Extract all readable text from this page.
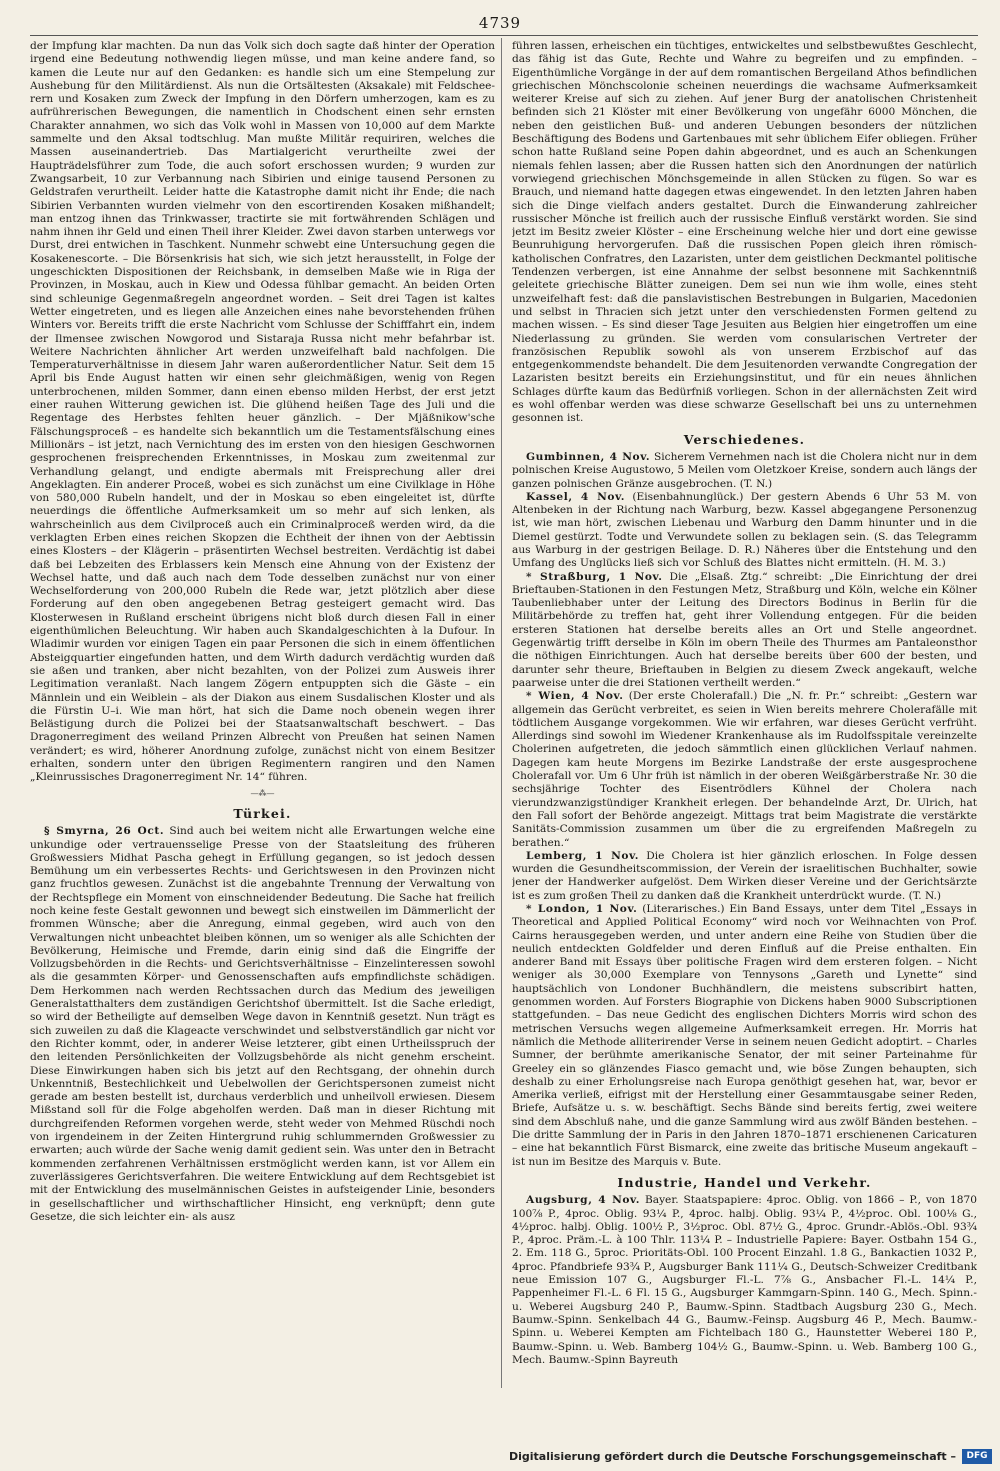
4739

der Impfung klar machten. Da nun das Volk sich doch sagte daß hinter der Operation irgend eine Bedeutung nothwendig liegen müsse, und man keine andere fand, so kamen die Leute nur auf den Gedanken: es handle sich um eine Stempelung zur Aushebung für den Militärdienst. Als nun die Ortsältesten (Aksakale) mit Feldscheerern und Kosaken zum Zweck der Impfung in den Dörfern umherzogen, kam es zu aufrührerischen Bewegungen, die namentlich in Chodschent einen sehr ernsten Charakter annahmen, wo sich das Volk wohl in Massen von 10,000 auf dem Markte sammelte und den Aksal todtschlug. Man mußte Militär requiriren, welches die Massen auseinandertrieb. Das Martialgericht verurtheilte zwei der Haupträdelsführer zum Tode, die auch sofort erschossen wurden; 9 wurden zur Zwangsarbeit, 10 zur Verbannung nach Sibirien und einige tausend Personen zu Geldstrafen verurtheilt. Leider hatte die Katastrophe damit nicht ihr Ende; die nach Sibirien Verbannten wurden vielmehr von den escortirenden Kosaken mißhandelt; man entzog ihnen das Trinkwasser, tractirte sie mit fortwährenden Schlägen und nahm ihnen ihr Geld und einen Theil ihrer Kleider. Zwei davon starben unterwegs vor Durst, drei entwichen in Taschkent. Nunmehr schwebt eine Untersuchung gegen die Kosakenescorte. – Die Börsenkrisis hat sich, wie sich jetzt herausstellt, in Folge der ungeschickten Dispositionen der Reichsbank, in demselben Maße wie in Riga der Provinzen, in Moskau, auch in Kiew und Odessa fühlbar gemacht. An beiden Orten sind schleunige Gegenmaßregeln angeordnet worden. – Seit drei Tagen ist kaltes Wetter eingetreten, und es liegen alle Anzeichen eines nahe bevorstehenden frühen Winters vor. Bereits trifft die erste Nachricht vom Schlusse der Schifffahrt ein, indem der Ilmensee zwischen Nowgorod und Sistaraja Russa nicht mehr befahrbar ist. Weitere Nachrichten ähnlicher Art werden unzweifelhaft bald nachfolgen. Die Temperaturverhältnisse in diesem Jahr waren außerordentlicher Natur. Seit dem 15 April bis Ende August hatten wir einen sehr gleichmäßigen, wenig von Regen unterbrochenen, milden Sommer, dann einen ebenso milden Herbst, der erst jetzt einer rauhen Witterung gewichen ist. Die glühend heißen Tage des Juli und die Regentage des Herbstes fehlten heuer gänzlich. – Der Mjäßnikow'sche Fälschungsproceß – es handelte sich bekanntlich um die Testamentsfälschung eines Millionärs – ist jetzt, nach Vernichtung des im ersten von den hiesigen Geschwornen gesprochenen freisprechenden Erkenntnisses, in Moskau zum zweitenmal zur Verhandlung gelangt, und endigte abermals mit Freisprechung aller drei Angeklagten. Ein anderer Proceß, wobei es sich zunächst um eine Civilklage in Höhe von 580,000 Rubeln handelt, und der in Moskau so eben eingeleitet ist, dürfte neuerdings die öffentliche Aufmerksamkeit um so mehr auf sich lenken, als wahrscheinlich aus dem Civilproceß auch ein Criminalproceß werden wird, da die verklagten Erben eines reichen Skopzen die Echtheit der ihnen von der Aebtissin eines Klosters – der Klägerin – präsentirten Wechsel bestreiten. Verdächtig ist dabei daß bei Lebzeiten des Erblassers kein Mensch eine Ahnung von der Existenz der Wechsel hatte, und daß auch nach dem Tode desselben zunächst nur von einer Wechselforderung von 200,000 Rubeln die Rede war, jetzt plötzlich aber diese Forderung auf den oben angegebenen Betrag gesteigert gemacht wird. Das Klosterwesen in Rußland erscheint übrigens nicht bloß durch diesen Fall in einer eigenthümlichen Beleuchtung. Wir haben auch Skandalgeschichten à la Dufour. In Wladimir wurden vor einigen Tagen ein paar Personen die sich in einem öffentlichen Absteigquartier eingefunden hatten, und dem Wirth dadurch verdächtig wurden daß sie aßen und tranken, aber nicht bezahlten, von der Polizei zum Ausweis ihrer Legitimation veranlaßt. Nach langem Zögern entpuppten sich die Gäste – ein Männlein und ein Weiblein – als der Diakon aus einem Susdalischen Kloster und als die Fürstin U–i. Wie man hört, hat sich die Dame noch obenein wegen ihrer Belästigung durch die Polizei bei der Staatsanwaltschaft beschwert. – Das Dragonerregiment des weiland Prinzen Albrecht von Preußen hat seinen Namen verändert; es wird, höherer Anordnung zufolge, zunächst nicht von einem Besitzer erhalten, sondern unter den übrigen Regimentern rangiren und den Namen „Kleinrussisches Dragonerregiment Nr. 14“ führen.

—⁂—
Türkei.

§ Smyrna, 26 Oct. Sind auch bei weitem nicht alle Erwartungen welche eine unkundige oder vertrauensselige Presse von der Staatsleitung des früheren Großwessiers Midhat Pascha gehegt in Erfüllung gegangen, so ist jedoch dessen Bemühung um ein verbessertes Rechts- und Gerichtswesen in den Provinzen nicht ganz fruchtlos gewesen. Zunächst ist die angebahnte Trennung der Verwaltung von der Rechtspflege ein Moment von einschneidender Bedeutung. Die Sache hat freilich noch keine feste Gestalt gewonnen und bewegt sich einstweilen im Dämmerlicht der frommen Wünsche; aber die Anregung, einmal gegeben, wird auch von den Verwaltungen nicht unbeachtet bleiben können, um so weniger als alle Schichten der Bevölkerung, Heimische und Fremde, darin einig sind daß die Eingriffe der Vollzugsbehörden in die Rechts- und Gerichtsverhältnisse – Einzelinteressen sowohl als die gesammten Körper- und Genossenschaften aufs empfindlichste schädigen. Dem Herkommen nach werden Rechtssachen durch das Medium des jeweiligen Generalstatthalters dem zuständigen Gerichtshof übermittelt. Ist die Sache erledigt, so wird der Betheiligte auf demselben Wege davon in Kenntniß gesetzt. Nun trägt es sich zuweilen zu daß die Klageacte verschwindet und selbstverständlich gar nicht vor den Richter kommt, oder, in anderer Weise letzterer, gibt einen Urtheilsspruch der den leitenden Persönlichkeiten der Vollzugsbehörde als nicht genehm erscheint. Diese Einwirkungen haben sich bis jetzt auf den Rechtsgang, der ohnehin durch Unkenntniß, Bestechlichkeit und Uebelwollen der Gerichtspersonen zumeist nicht gerade am besten bestellt ist, durchaus verderblich und unheilvoll erwiesen. Diesem Mißstand soll für die Folge abgeholfen werden. Daß man in dieser Richtung mit durchgreifenden Reformen vorgehen werde, steht weder von Mehmed Rüschdi noch von irgendeinem in der Zeiten Hintergrund ruhig schlummernden Großwessier zu erwarten; auch würde der Sache wenig damit gedient sein. Was unter den in Betracht kommenden zerfahrenen Verhältnissen erstmöglicht werden kann, ist vor Allem ein zuverlässigeres Gerichtsverfahren. Die weitere Entwicklung auf dem Rechtsgebiet ist mit der Entwicklung des muselmännischen Geistes in aufsteigender Linie, besonders in gesellschaftlicher und wirthschaftlicher Hinsicht, eng verknüpft; denn gute Gesetze, die sich leichter ein- als ausz

führen lassen, erheischen ein tüchtiges, entwickeltes und selbstbewußtes Geschlecht, das fähig ist das Gute, Rechte und Wahre zu begreifen und zu empfinden. – Eigenthümliche Vorgänge in der auf dem romantischen Bergeiland Athos befindlichen griechischen Mönchscolonie scheinen neuerdings die wachsame Aufmerksamkeit weiterer Kreise auf sich zu ziehen. Auf jener Burg der anatolischen Christenheit befinden sich 21 Klöster mit einer Bevölkerung von ungefähr 6000 Mönchen, die neben den geistlichen Buß- und anderen Uebungen besonders der nützlichen Beschäftigung des Bodens und Gartenbaues mit sehr üblichem Eifer obliegen. Früher schon hatte Rußland seine Popen dahin abgeordnet, und es auch an Schenkungen niemals fehlen lassen; aber die Russen hatten sich den Anordnungen der natürlich vorwiegend griechischen Mönchsgemeinde in allen Stücken zu fügen. So war es Brauch, und niemand hatte dagegen etwas eingewendet. In den letzten Jahren haben sich die Dinge vielfach anders gestaltet. Durch die Einwanderung zahlreicher russischer Mönche ist freilich auch der russische Einfluß verstärkt worden. Sie sind jetzt im Besitz zweier Klöster – eine Erscheinung welche hier und dort eine gewisse Beunruhigung hervorgerufen. Daß die russischen Popen gleich ihren römisch-katholischen Confratres, den Lazaristen, unter dem geistlichen Deckmantel politische Tendenzen verbergen, ist eine Annahme der selbst besonnene mit Sachkenntniß geleitete griechische Blätter zuneigen. Dem sei nun wie ihm wolle, eines steht unzweifelhaft fest: daß die panslavistischen Bestrebungen in Bulgarien, Macedonien und selbst in Thracien sich jetzt unter den verschiedensten Formen geltend zu machen wissen. – Es sind dieser Tage Jesuiten aus Belgien hier eingetroffen um eine Niederlassung zu gründen. Sie werden vom consularischen Vertreter der französischen Republik sowohl als von unserem Erzbischof auf das entgegenkommendste behandelt. Die dem Jesuitenorden verwandte Congregation der Lazaristen besitzt bereits ein Erziehungsinstitut, und für ein neues ähnlichen Schlages dürfte kaum das Bedürfniß vorliegen. Schon in der allernächsten Zeit wird es wohl offenbar werden was diese schwarze Gesellschaft bei uns zu unternehmen gesonnen ist.

Verschiedenes.

Gumbinnen, 4 Nov. Sicherem Vernehmen nach ist die Cholera nicht nur in dem polnischen Kreise Augustowo, 5 Meilen vom Oletzkoer Kreise, sondern auch längs der ganzen polnischen Gränze ausgebrochen. (T. N.)

Kassel, 4 Nov. (Eisenbahnunglück.) Der gestern Abends 6 Uhr 53 M. von Altenbeken in der Richtung nach Warburg, bezw. Kassel abgegangene Personenzug ist, wie man hört, zwischen Liebenau und Warburg den Damm hinunter und in die Diemel gestürzt. Todte und Verwundete sollen zu beklagen sein. (S. das Telegramm aus Warburg in der gestrigen Beilage. D. R.) Näheres über die Entstehung und den Umfang des Unglücks ließ sich vor Schluß des Blattes nicht ermitteln. (H. M. 3.)

* Straßburg, 1 Nov. Die „Elsaß. Ztg.“ schreibt: „Die Einrichtung der drei Brieftauben-Stationen in den Festungen Metz, Straßburg und Köln, welche ein Kölner Taubenliebhaber unter der Leitung des Directors Bodinus in Berlin für die Militärbehörde zu treffen hat, geht ihrer Vollendung entgegen. Für die beiden ersteren Stationen hat derselbe bereits alles an Ort und Stelle angeordnet. Gegenwärtig trifft derselbe in Köln im obern Theile des Thurmes am Pantaleonsthor die nöthigen Einrichtungen. Auch hat derselbe bereits über 600 der besten, und darunter sehr theure, Brieftauben in Belgien zu diesem Zweck angekauft, welche paarweise unter die drei Stationen vertheilt werden.“

* Wien, 4 Nov. (Der erste Cholerafall.) Die „N. fr. Pr.“ schreibt: „Gestern war allgemein das Gerücht verbreitet, es seien in Wien bereits mehrere Cholerafälle mit tödtlichem Ausgange vorgekommen. Wie wir erfahren, war dieses Gerücht verfrüht. Allerdings sind sowohl im Wiedener Krankenhause als im Rudolfsspitale vereinzelte Cholerinen aufgetreten, die jedoch sämmtlich einen glücklichen Verlauf nahmen. Dagegen kam heute Morgens im Bezirke Landstraße der erste ausgesprochene Cholerafall vor. Um 6 Uhr früh ist nämlich in der oberen Weißgärberstraße Nr. 30 die sechsjährige Tochter des Eisentrödlers Kühnel der Cholera nach vierundzwanzigstündiger Krankheit erlegen. Der behandelnde Arzt, Dr. Ulrich, hat den Fall sofort der Behörde angezeigt. Mittags trat beim Magistrate die verstärkte Sanitäts-Commission zusammen um über die zu ergreifenden Maßregeln zu berathen.“

Lemberg, 1 Nov. Die Cholera ist hier gänzlich erloschen. In Folge dessen wurden die Gesundheitscommission, der Verein der israelitischen Buchhalter, sowie jener der Handwerker aufgelöst. Dem Wirken dieser Vereine und der Gerichtsärzte ist es zum großen Theil zu danken daß die Krankheit unterdrückt wurde. (T. N.)

* London, 1 Nov. (Literarisches.) Ein Band Essays, unter dem Titel „Essays in Theoretical and Applied Political Economy“ wird noch vor Weihnachten von Prof. Cairns herausgegeben werden, und unter andern eine Reihe von Studien über die neulich entdeckten Goldfelder und deren Einfluß auf die Preise enthalten. Ein anderer Band mit Essays über politische Fragen wird dem ersteren folgen. – Nicht weniger als 30,000 Exemplare von Tennysons „Gareth und Lynette“ sind hauptsächlich von Londoner Buchhändlern, die meistens subscribirt hatten, genommen worden. Auf Forsters Biographie von Dickens haben 9000 Subscriptionen stattgefunden. – Das neue Gedicht des englischen Dichters Morris wird schon des metrischen Versuchs wegen allgemeine Aufmerksamkeit erregen. Hr. Morris hat nämlich die Methode alliterirender Verse in seinem neuen Gedicht adoptirt. – Charles Sumner, der berühmte amerikanische Senator, der mit seiner Parteinahme für Greeley ein so glänzendes Fiasco gemacht und, wie böse Zungen behaupten, sich deshalb zu einer Erholungsreise nach Europa genöthigt gesehen hat, war, bevor er Amerika verließ, eifrigst mit der Herstellung einer Gesammtausgabe seiner Reden, Briefe, Aufsätze u. s. w. beschäftigt. Sechs Bände sind bereits fertig, zwei weitere sind dem Abschluß nahe, und die ganze Sammlung wird aus zwölf Bänden bestehen. – Die dritte Sammlung der in Paris in den Jahren 1870–1871 erschienenen Caricaturen – eine hat bekanntlich Fürst Bismarck, eine zweite das britische Museum angekauft – ist nun im Besitze des Marquis v. Bute.

Industrie, Handel und Verkehr.

Augsburg, 4 Nov. Bayer. Staatspapiere: 4proc. Oblig. von 1866 – P., von 1870 100⅞ P., 4proc. Oblig. 93¼ P., 4proc. halbj. Oblig. 93¼ P., 4½proc. Obl. 100⅛ G., 4½proc. halbj. Oblig. 100½ P., 3½proc. Obl. 87½ G., 4proc. Grundr.-Ablös.-Obl. 93¾ P., 4proc. Präm.-L. à 100 Thlr. 113¼ P. – Industrielle Papiere: Bayer. Ostbahn 154 G., 2. Em. 118 G., 5proc. Prioritäts-Obl. 100 Procent Einzahl. 1.8 G., Bankactien 1032 P., 4proc. Pfandbriefe 93¾ P., Augsburger Bank 111¼ G., Deutsch-Schweizer Creditbank neue Emission 107 G., Augsburger Fl.-L. 7⅞ G., Ansbacher Fl.-L. 14¼ P., Pappenheimer Fl.-L. 6 Fl. 15 G., Augsburger Kammgarn-Spinn. 140 G., Mech. Spinn.- u. Weberei Augsburg 240 P., Baumw.-Spinn. Stadtbach Augsburg 230 G., Mech. Baumw.-Spinn. Senkelbach 44 G., Baumw.-Feinsp. Augsburg 46 P., Mech. Baumw.-Spinn. u. Weberei Kempten am Fichtelbach 180 G., Haunstetter Weberei 180 P., Baumw.-Spinn. u. Web. Bamberg 104½ G., Baumw.-Spinn. u. Web. Bamberg 100 G., Mech. Baumw.-Spinn Bayreuth

Digitalisierung gefördert durch die Deutsche Forschungsgemeinschaft –	DFG
